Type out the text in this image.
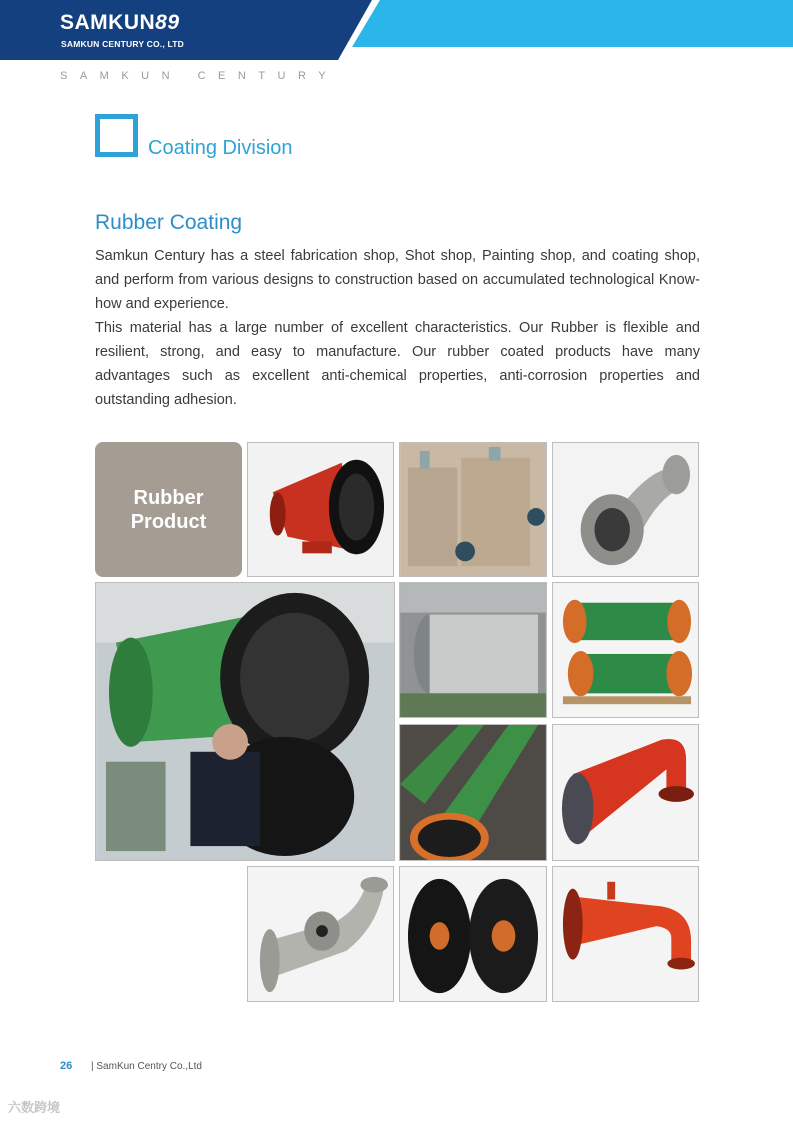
SAMKUN89
SAMKUN CENTURY CO., LTD
SAMKUN CENTURY
Coating Division
Rubber Coating

Samkun Century has a steel fabrication shop, Shot shop, Painting shop, and coating shop, and perform from various designs to construction based on accumulated technological Know-how and experience.

This material has a large number of excellent characteristics. Our Rubber is flexible and resilient, strong, and easy to manufacture. Our rubber coated products have many advantages such as excellent anti-chemical properties, anti-corrosion properties and outstanding adhesion.

Rubber
Product
26 | SamKun Centry Co.,Ltd
六数跨境
